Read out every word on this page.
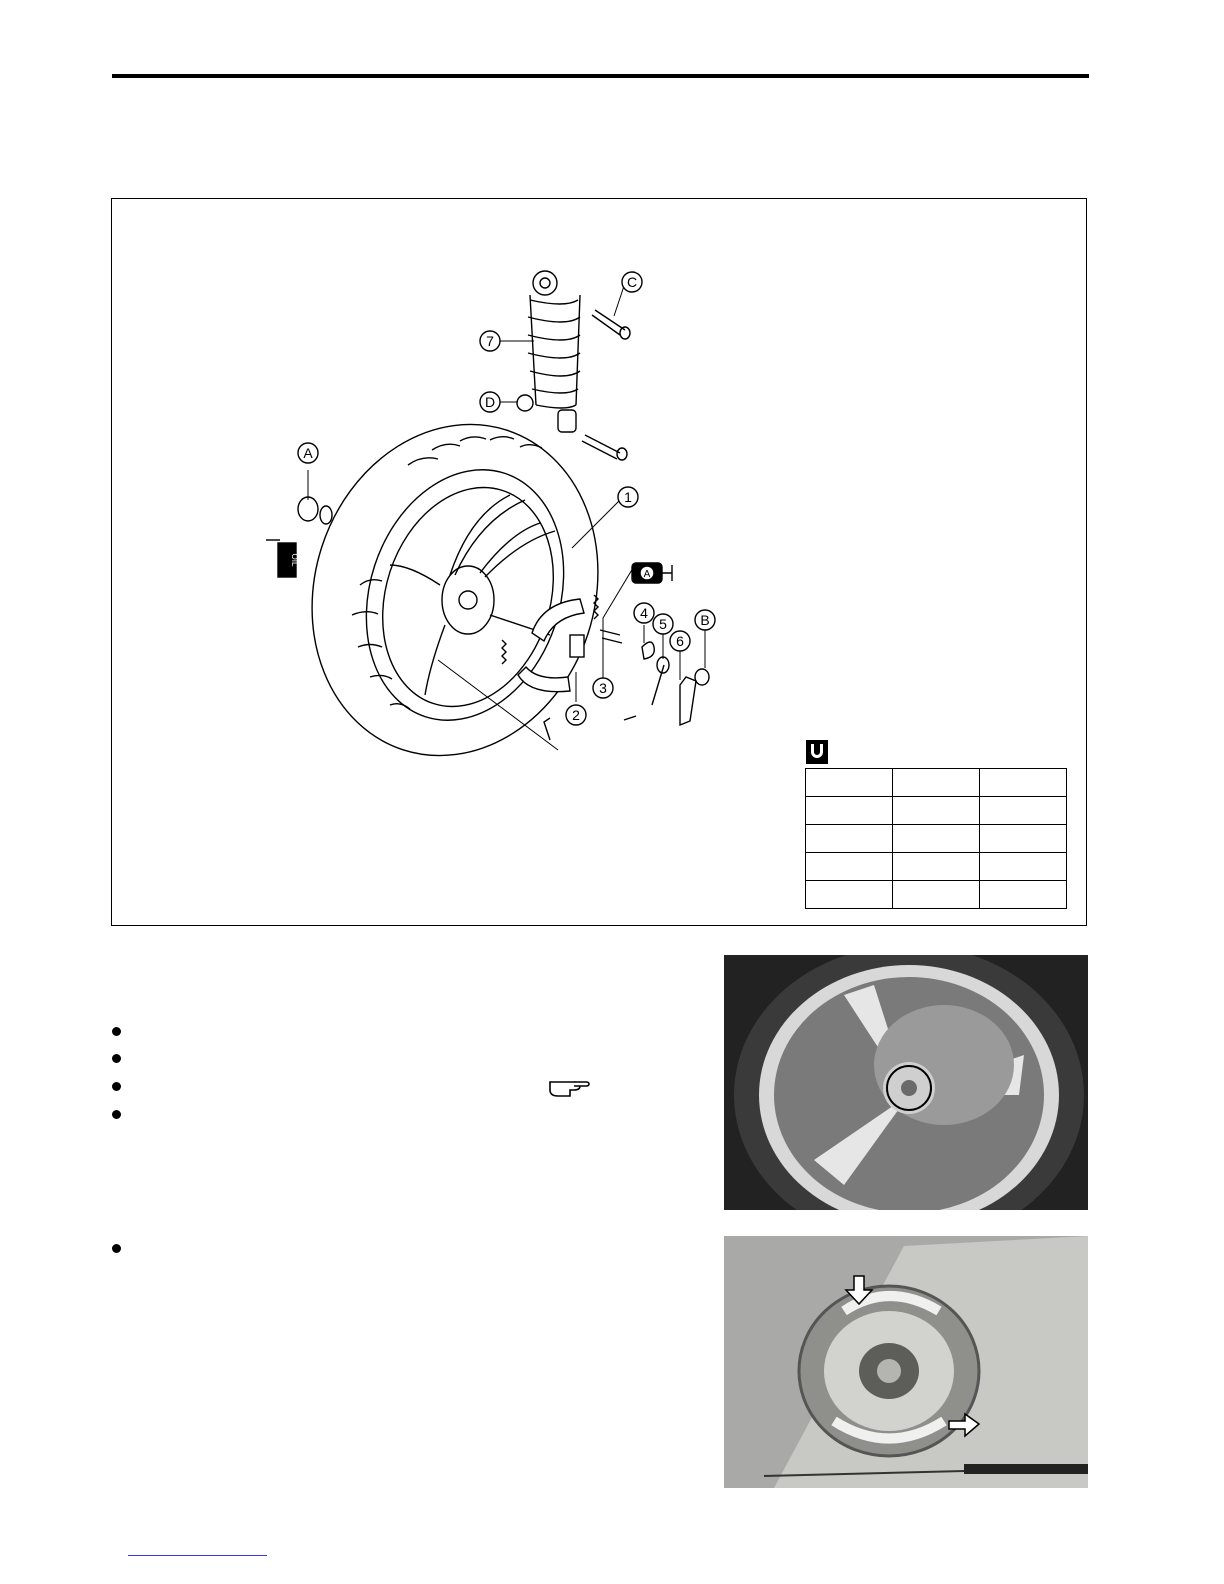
A
B
C
D
1
2
3
4
5
6
7
OIL
A
